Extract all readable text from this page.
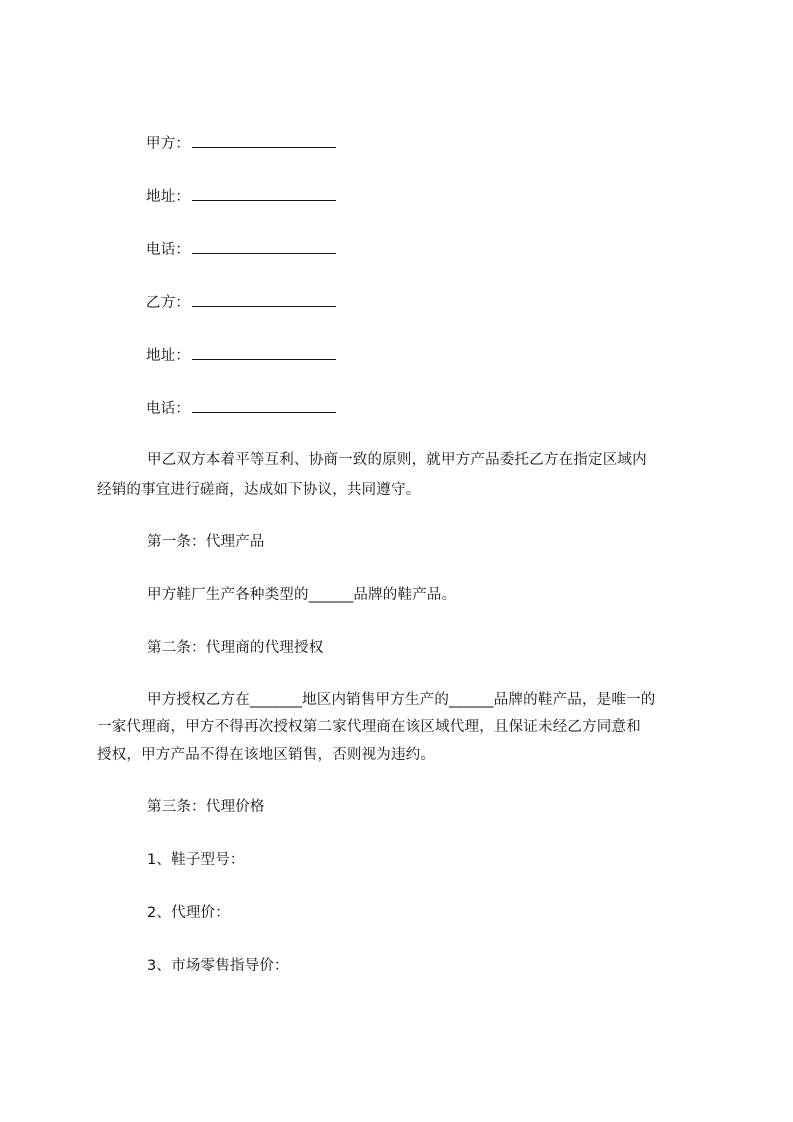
甲方：
地址：
电话：
乙方：
地址：
电话：
甲乙双方本着平等互利、协商一致的原则，就甲方产品委托乙方在指定区域内
经销的事宜进行磋商，达成如下协议，共同遵守。
第一条：代理产品
甲方鞋厂生产各种类型的______品牌的鞋产品。
第二条：代理商的代理授权
甲方授权乙方在_______地区内销售甲方生产的______品牌的鞋产品，是唯一的
一家代理商，甲方不得再次授权第二家代理商在该区域代理，且保证未经乙方同意和
授权，甲方产品不得在该地区销售，否则视为违约。
第三条：代理价格
1、鞋子型号：
2、代理价：
3、市场零售指导价：
